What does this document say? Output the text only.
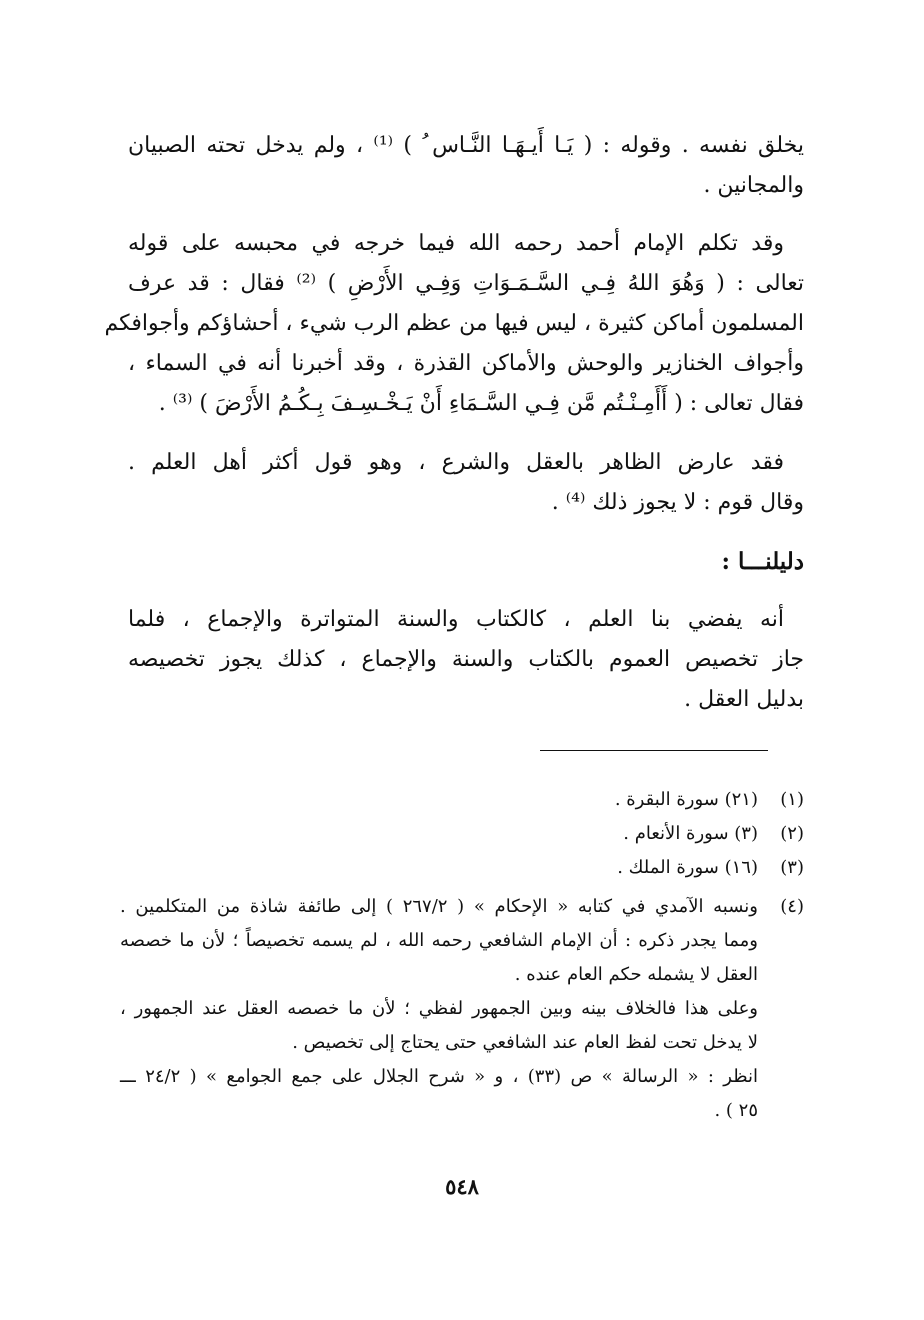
يخلق نفسه . وقوله : ( يَـا أَيـهَـا النَّـاس ُ ) ⁽¹⁾ ، ولم يدخل تحته الصبيان
والمجانين .
وقد تكلم الإمام أحمد رحمه الله فيما خرجه في محبسه على قوله
تعالى : ( وَهُوَ اللهُ فِـي السَّـمَـوَاتِ وَفِـي الأَرْضِ ) ⁽²⁾ فقال : قد عرف
المسلمون أماكن كثيرة ، ليس فيها من عظم الرب شيء ، أحشاؤكم وأجوافكم
وأجواف الخنازير والوحش والأماكن القذرة ، وقد أخبرنا أنه في السماء ،
فقال تعالى : ( أَأَمِـنْـتُم مَّن فِـي السَّـمَاءِ أَنْ يَـخْـسِـفَ بِـكُـمُ الأَرْضَ ) ⁽³⁾ .
فقد عارض الظاهر بالعقل والشرع ، وهو قول أكثر أهل العلم .
وقال قوم : لا يجوز ذلك ⁽⁴⁾ .
دليلنـــا :
أنه يفضي بنا العلم ، كالكتاب والسنة المتواترة والإجماع ، فلما
جاز تخصيص العموم بالكتاب والسنة والإجماع ، كذلك يجوز تخصيصه
بدليل العقل .
(١)(٢١) سورة البقرة .
(٢)(٣) سورة الأنعام .
(٣)(١٦) سورة الملك .
(٤)ونسبه الآمدي في كتابه « الإحكام » ( ٢٦٧/٢ ) إلى طائفة شاذة من المتكلمين .
ومما يجدر ذكره : أن الإمام الشافعي رحمه الله ، لم يسمه تخصيصاً ؛ لأن ما خصصه
العقل لا يشمله حكم العام عنده .
وعلى هذا فالخلاف بينه وبين الجمهور لفظي ؛ لأن ما خصصه العقل عند الجمهور ،
لا يدخل تحت لفظ العام عند الشافعي حتى يحتاج إلى تخصيص .
انظر : « الرسالة » ص (٣٣) ، و « شرح الجلال على جمع الجوامع » ( ٢٤/٢ ـــ
٢٥ ) .
٥٤٨
